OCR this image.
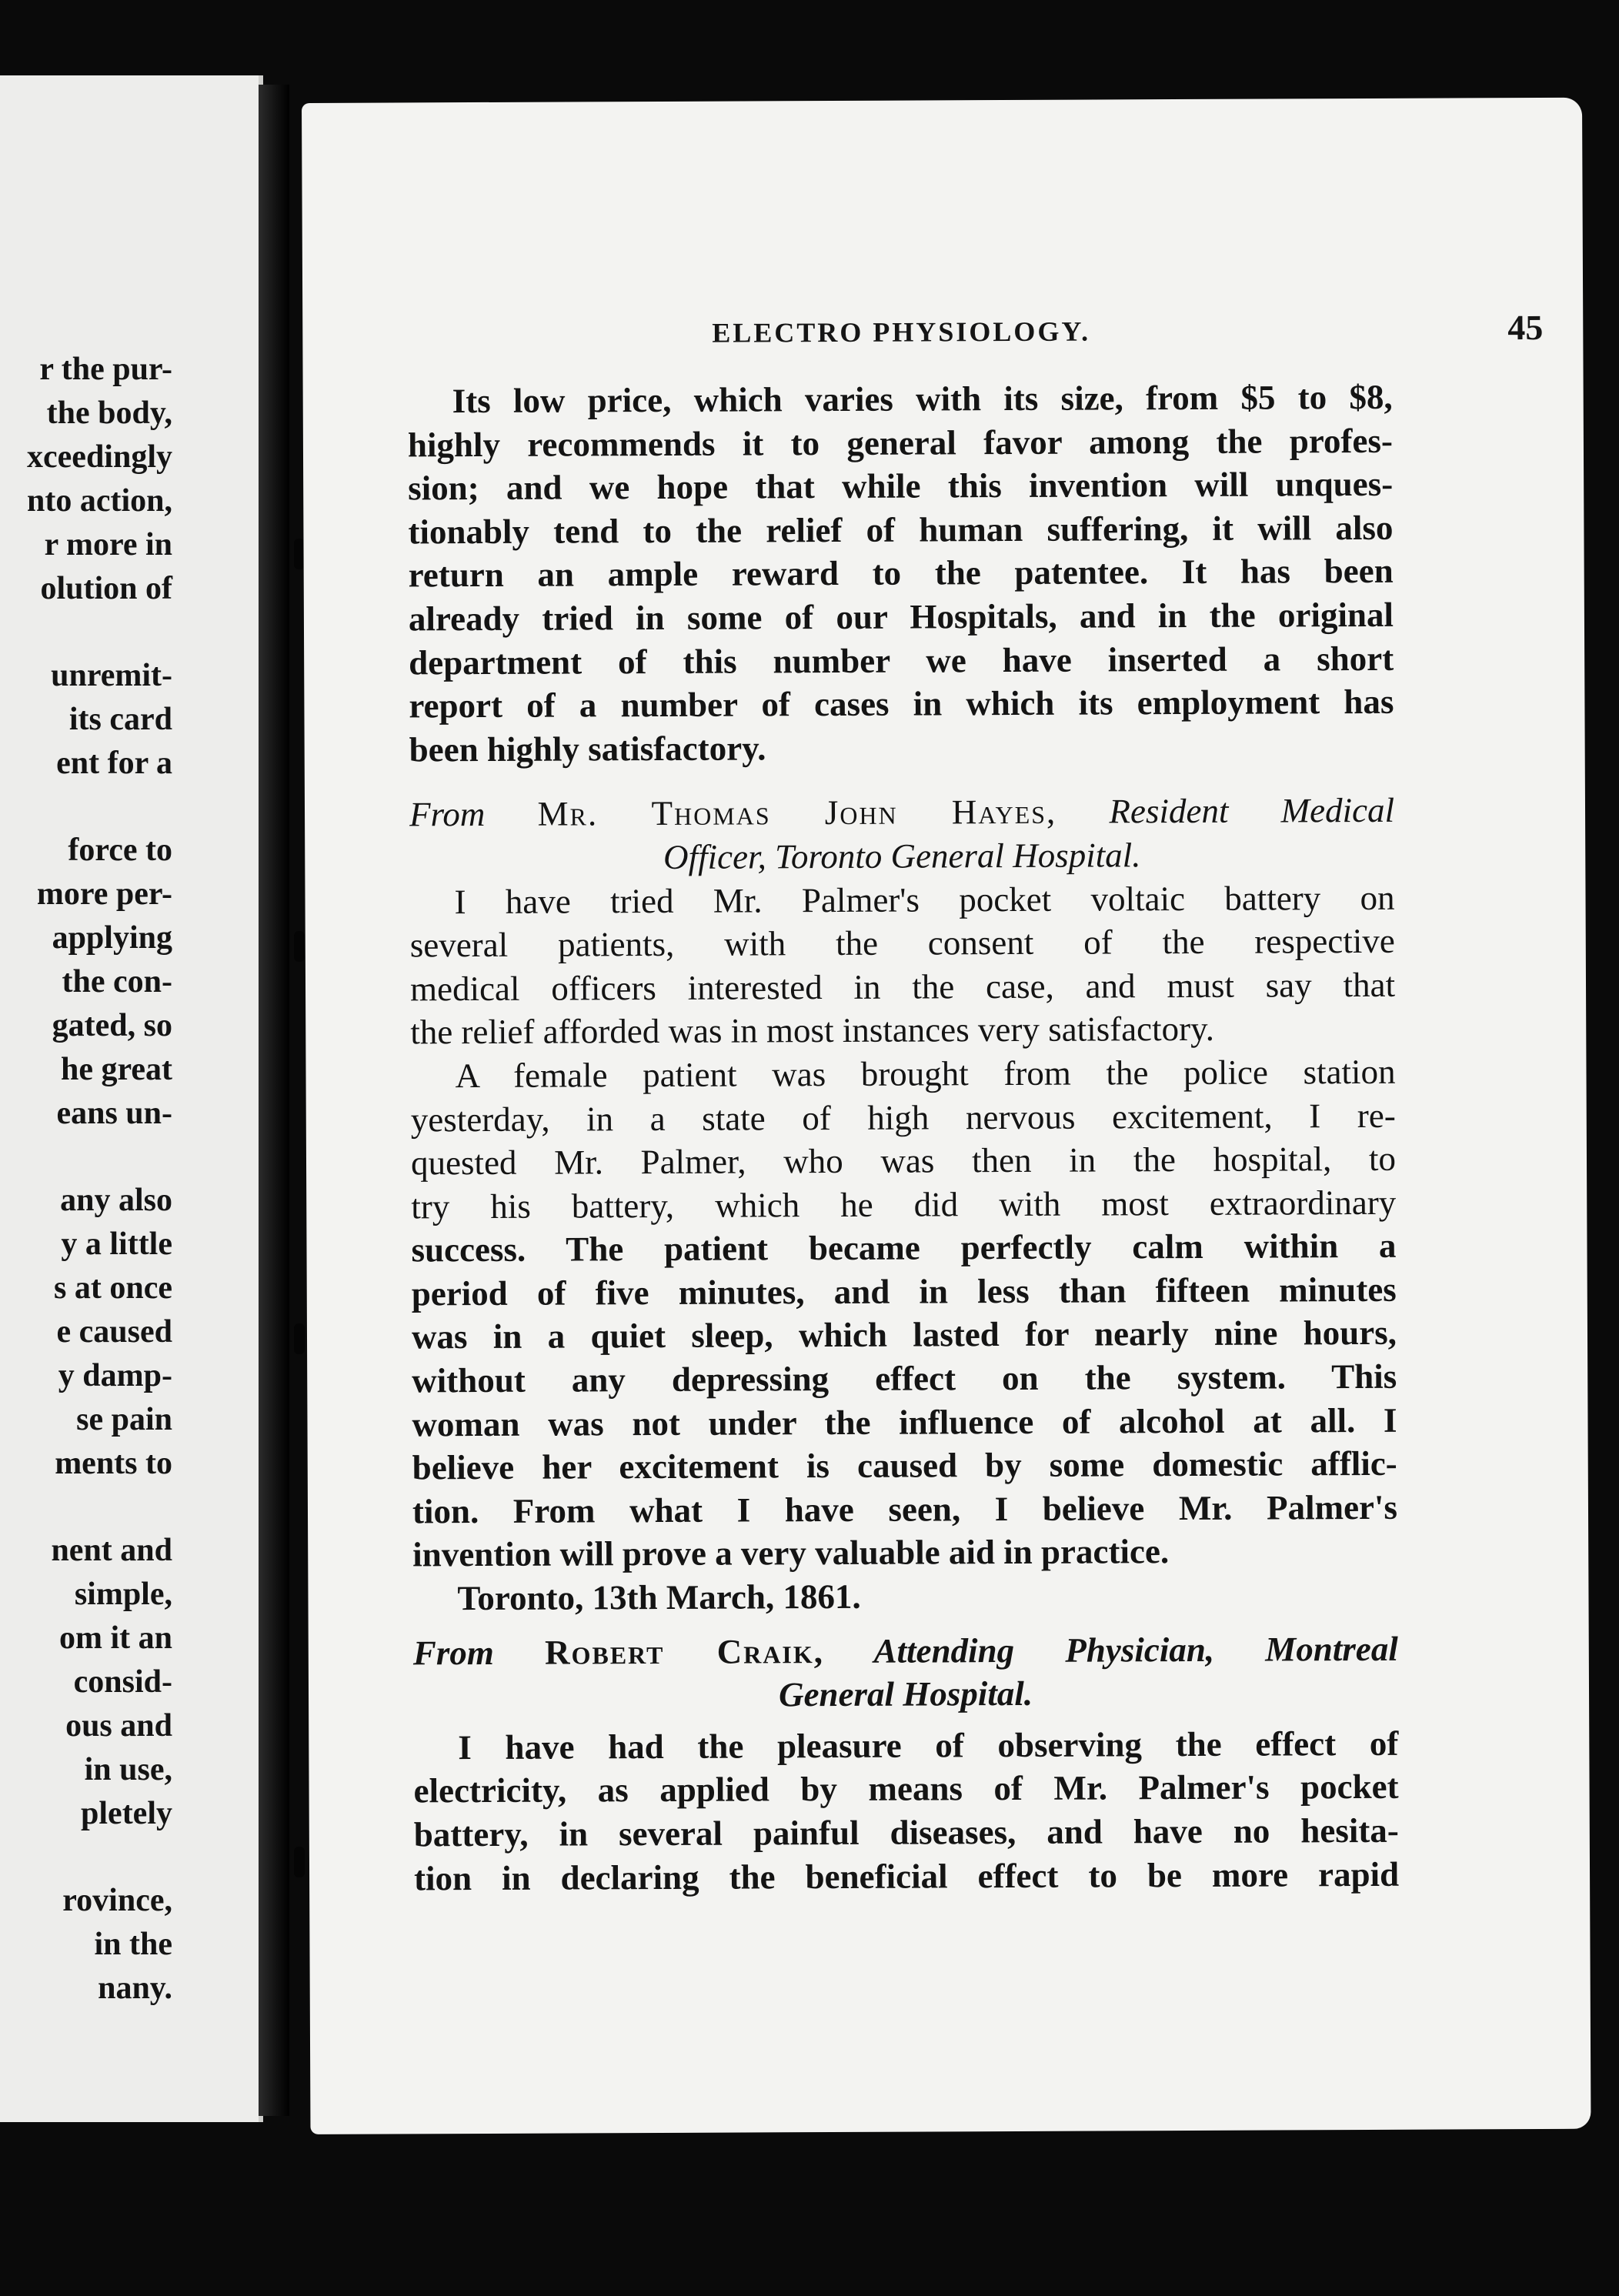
r the pur-
the body,
xceedingly
nto action,
r more in
olution of
unremit-
its card
ent for a
force to
more per-
applying
the con-
gated, so
he great
eans un-
any also
y a little
s at once
e caused
y damp-
se pain
ments to
nent and
simple,
om it an
consid-
ous and
in use,
pletely
rovince,
in the
nany.
ELECTRO PHYSIOLOGY.	45
Its low price, which varies with its size, from $5 to $8,
highly recommends it to general favor among the profes-
sion; and we hope that while this invention will unques-
tionably tend to the relief of human suffering, it will also
return an ample reward to the patentee. It has been
already tried in some of our Hospitals, and in the original
department of this number we have inserted a short
report of a number of cases in which its employment has
been highly satisfactory.
From Mr. Thomas John Hayes, Resident Medical
Officer, Toronto General Hospital.
I have tried Mr. Palmer's pocket voltaic battery on
several patients, with the consent of the respective
medical officers interested in the case, and must say that
the relief afforded was in most instances very satisfactory.
A female patient was brought from the police station
yesterday, in a state of high nervous excitement, I re-
quested Mr. Palmer, who was then in the hospital, to
try his battery, which he did with most extraordinary
success. The patient became perfectly calm within a
period of five minutes, and in less than fifteen minutes
was in a quiet sleep, which lasted for nearly nine hours,
without any depressing effect on the system. This
woman was not under the influence of alcohol at all. I
believe her excitement is caused by some domestic afflic-
tion. From what I have seen, I believe Mr. Palmer's
invention will prove a very valuable aid in practice.
Toronto, 13th March, 1861.
From Robert Craik, Attending Physician, Montreal
General Hospital.
I have had the pleasure of observing the effect of
electricity, as applied by means of Mr. Palmer's pocket
battery, in several painful diseases, and have no hesita-
tion in declaring the beneficial effect to be more rapid
